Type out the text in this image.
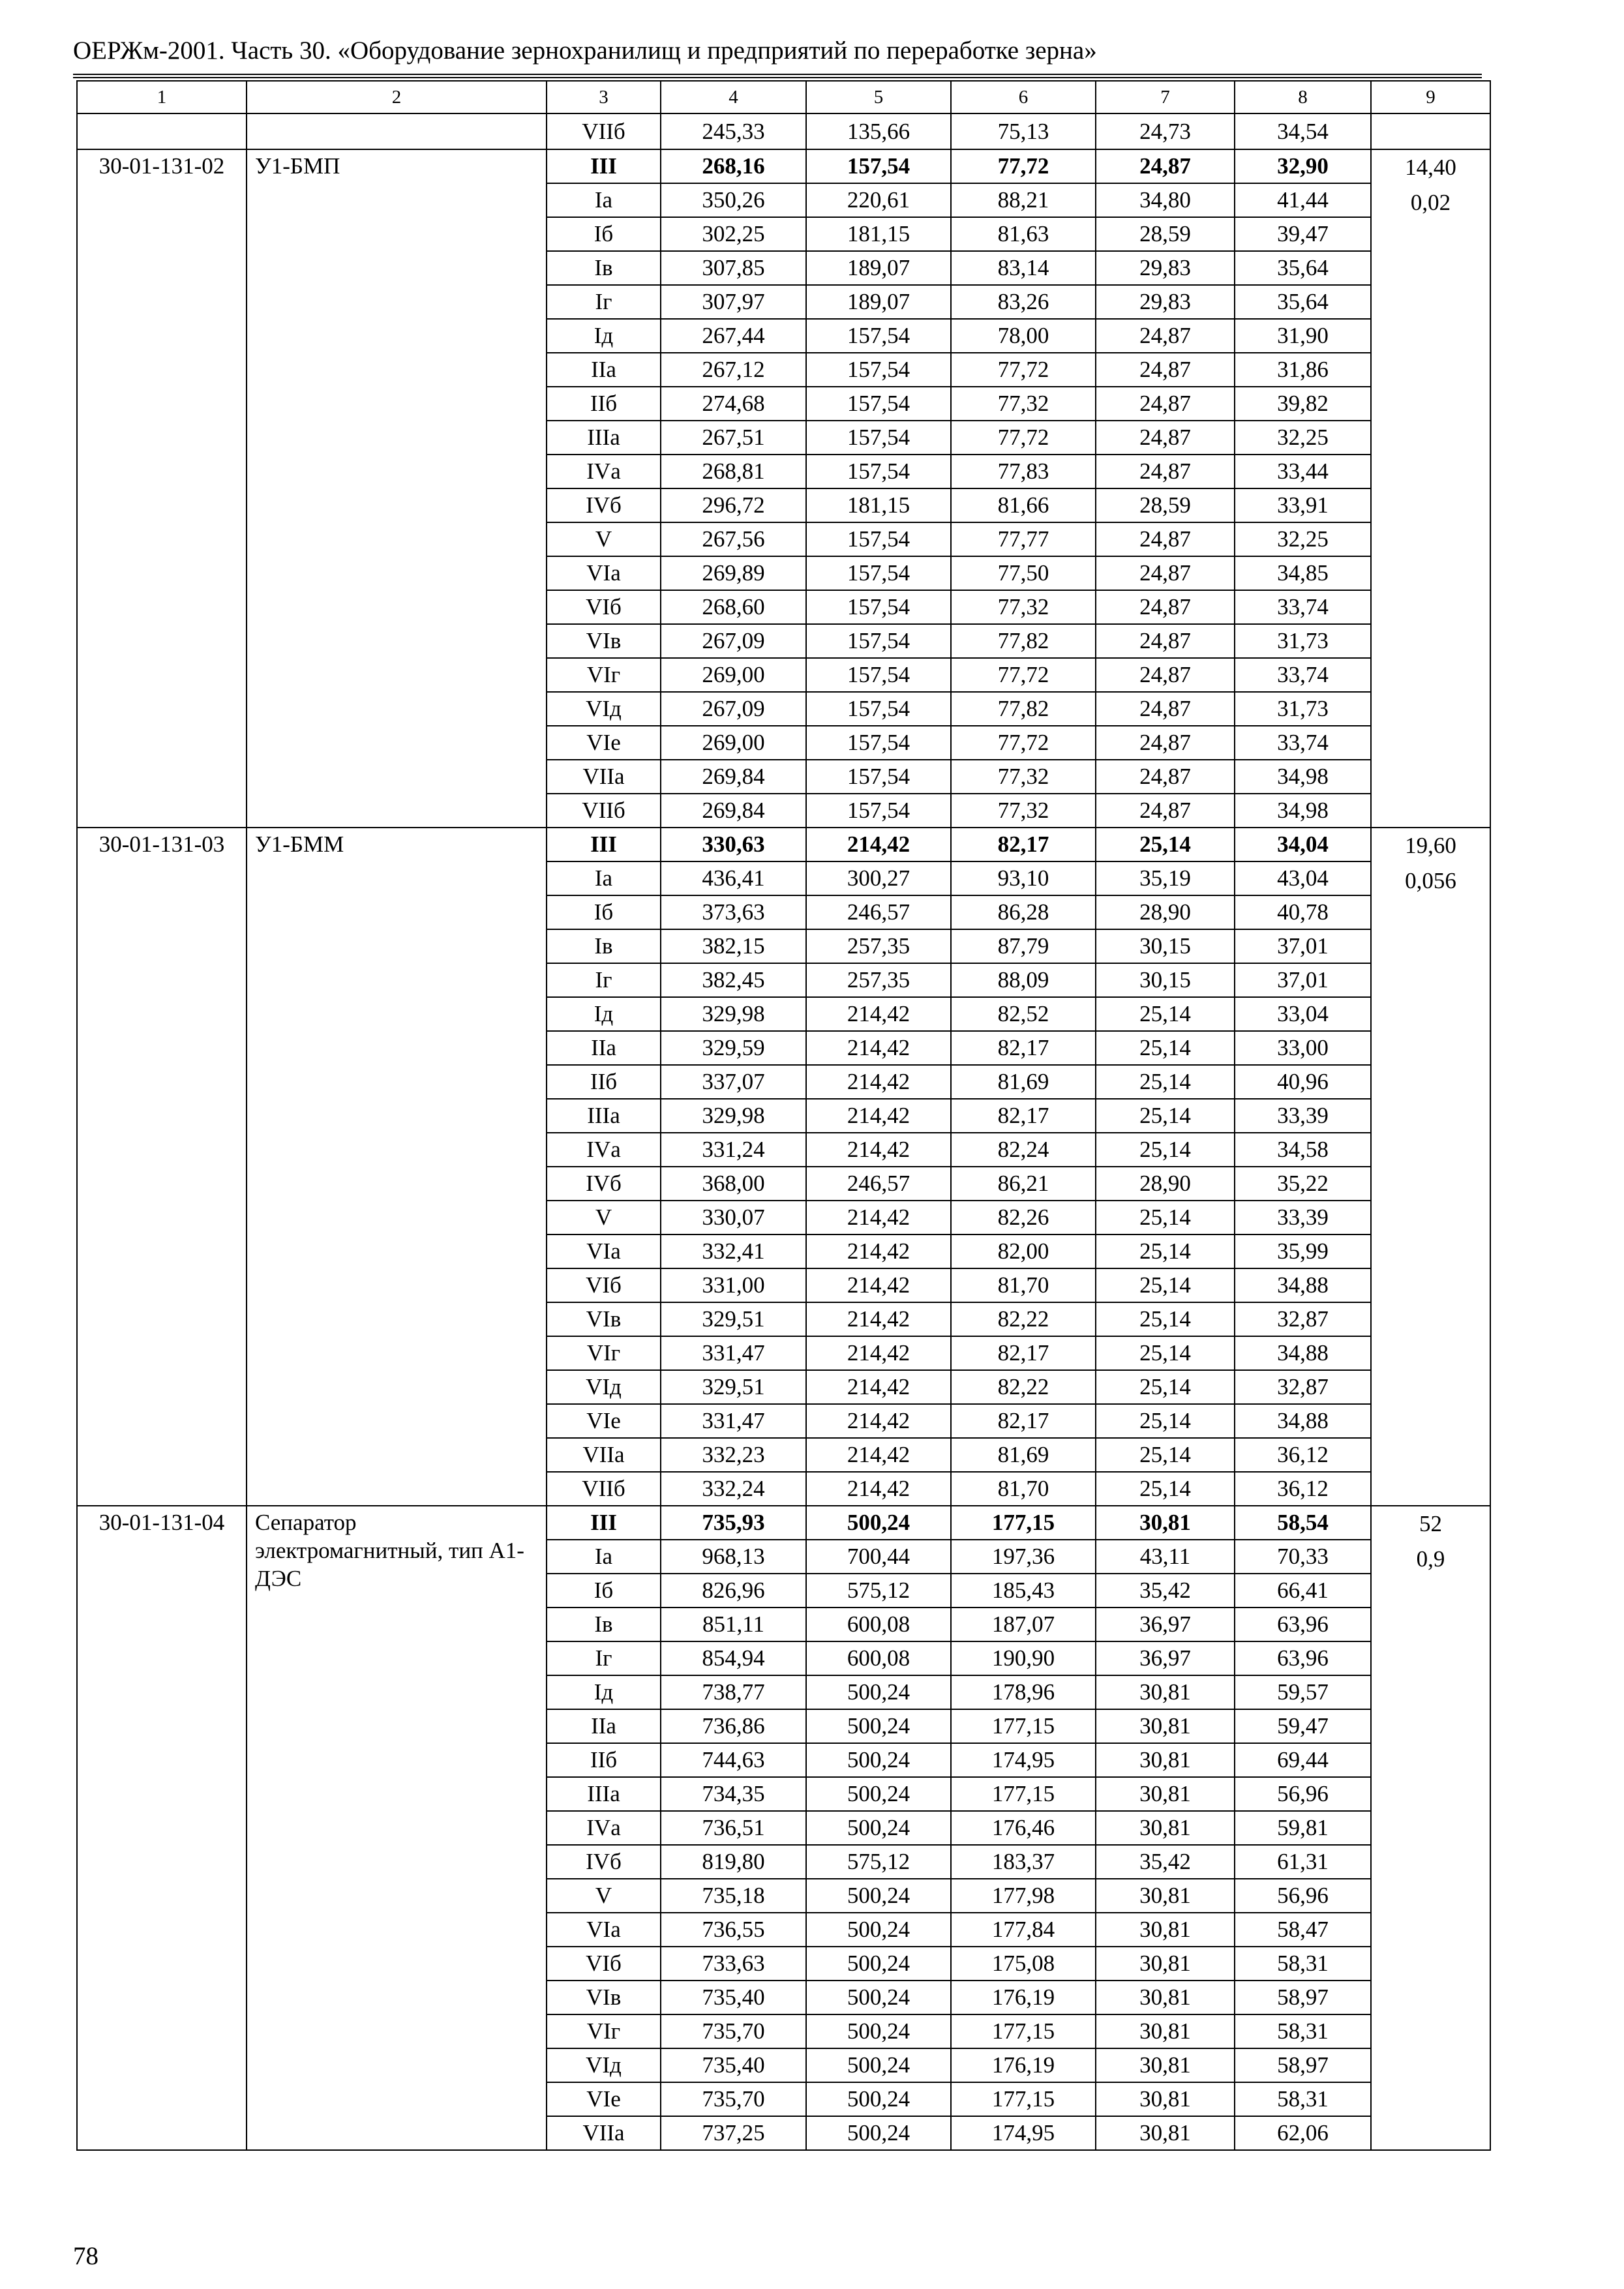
ОЕРЖм-2001. Часть 30. «Оборудование зернохранилищ и предприятий по переработке зерна»
1	2	3	4	5	6	7	8	9
		VIIб	245,33	135,66	75,13	24,73	34,54	
30-01-131-02	У1-БМП	III	268,16	157,54	77,72	24,87	32,90	14,40
0,02

		Iа	350,26	220,61	88,21	34,80	41,44	
		Iб	302,25	181,15	81,63	28,59	39,47	
		Iв	307,85	189,07	83,14	29,83	35,64	
		Iг	307,97	189,07	83,26	29,83	35,64	
		Iд	267,44	157,54	78,00	24,87	31,90	
		IIа	267,12	157,54	77,72	24,87	31,86	
		IIб	274,68	157,54	77,32	24,87	39,82	
		IIIа	267,51	157,54	77,72	24,87	32,25	
		IVа	268,81	157,54	77,83	24,87	33,44	
		IVб	296,72	181,15	81,66	28,59	33,91	
		V	267,56	157,54	77,77	24,87	32,25	
		VIа	269,89	157,54	77,50	24,87	34,85	
		VIб	268,60	157,54	77,32	24,87	33,74	
		VIв	267,09	157,54	77,82	24,87	31,73	
		VIг	269,00	157,54	77,72	24,87	33,74	
		VIд	267,09	157,54	77,82	24,87	31,73	
		VIе	269,00	157,54	77,72	24,87	33,74	
		VIIа	269,84	157,54	77,32	24,87	34,98	
		VIIб	269,84	157,54	77,32	24,87	34,98	
30-01-131-03	У1-БММ	III	330,63	214,42	82,17	25,14	34,04	19,60
0,056

		Iа	436,41	300,27	93,10	35,19	43,04	
		Iб	373,63	246,57	86,28	28,90	40,78	
		Iв	382,15	257,35	87,79	30,15	37,01	
		Iг	382,45	257,35	88,09	30,15	37,01	
		Iд	329,98	214,42	82,52	25,14	33,04	
		IIа	329,59	214,42	82,17	25,14	33,00	
		IIб	337,07	214,42	81,69	25,14	40,96	
		IIIа	329,98	214,42	82,17	25,14	33,39	
		IVа	331,24	214,42	82,24	25,14	34,58	
		IVб	368,00	246,57	86,21	28,90	35,22	
		V	330,07	214,42	82,26	25,14	33,39	
		VIа	332,41	214,42	82,00	25,14	35,99	
		VIб	331,00	214,42	81,70	25,14	34,88	
		VIв	329,51	214,42	82,22	25,14	32,87	
		VIг	331,47	214,42	82,17	25,14	34,88	
		VIд	329,51	214,42	82,22	25,14	32,87	
		VIе	331,47	214,42	82,17	25,14	34,88	
		VIIа	332,23	214,42	81,69	25,14	36,12	
		VIIб	332,24	214,42	81,70	25,14	36,12	
30-01-131-04	Сепаратор электромагнитный, тип А1-ДЭС	III	735,93	500,24	177,15	30,81	58,54	52
0,9

		Iа	968,13	700,44	197,36	43,11	70,33	
		Iб	826,96	575,12	185,43	35,42	66,41	
		Iв	851,11	600,08	187,07	36,97	63,96	
		Iг	854,94	600,08	190,90	36,97	63,96	
		Iд	738,77	500,24	178,96	30,81	59,57	
		IIа	736,86	500,24	177,15	30,81	59,47	
		IIб	744,63	500,24	174,95	30,81	69,44	
		IIIа	734,35	500,24	177,15	30,81	56,96	
		IVа	736,51	500,24	176,46	30,81	59,81	
		IVб	819,80	575,12	183,37	35,42	61,31	
		V	735,18	500,24	177,98	30,81	56,96	
		VIа	736,55	500,24	177,84	30,81	58,47	
		VIб	733,63	500,24	175,08	30,81	58,31	
		VIв	735,40	500,24	176,19	30,81	58,97	
		VIг	735,70	500,24	177,15	30,81	58,31	
		VIд	735,40	500,24	176,19	30,81	58,97	
		VIе	735,70	500,24	177,15	30,81	58,31	
		VIIа	737,25	500,24	174,95	30,81	62,06	
78
